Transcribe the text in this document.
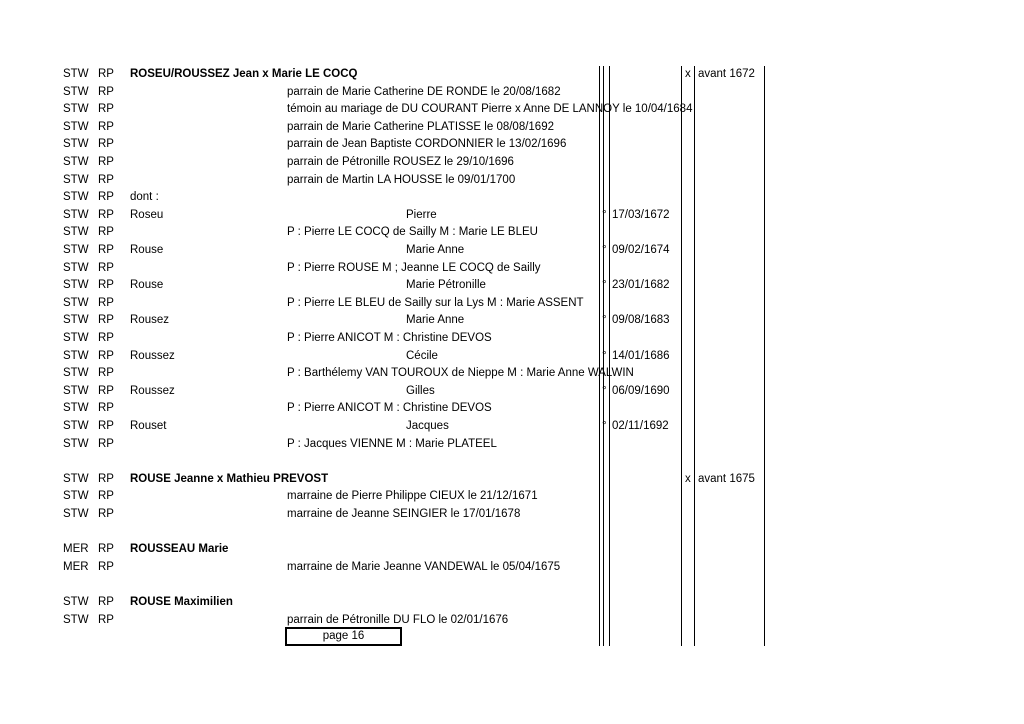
STW RP ROSEU/ROUSSEZ Jean x Marie LE COCQ	x avant 1672
STW RP	parrain de Marie Catherine DE RONDE le 20/08/1682
STW RP	témoin au mariage de DU COURANT Pierre x Anne DE LANNOY le 10/04/1684
STW RP	parrain de Marie Catherine PLATISSE le 08/08/1692
STW RP	parrain de Jean Baptiste CORDONNIER le 13/02/1696
STW RP	parrain de Pétronille ROUSEZ le 29/10/1696
STW RP	parrain de Martin LA HOUSSE le 09/01/1700
STW RP dont :
STW RP Roseu	Pierre	° 17/03/1672
STW RP	P : Pierre LE COCQ de Sailly M : Marie LE BLEU
STW RP Rouse	Marie Anne	° 09/02/1674
STW RP	P : Pierre ROUSE M ; Jeanne LE COCQ de Sailly
STW RP Rouse	Marie Pétronille	° 23/01/1682
STW RP	P : Pierre LE BLEU de Sailly sur la Lys M : Marie ASSENT
STW RP Rousez	Marie Anne	° 09/08/1683
STW RP	P : Pierre ANICOT M : Christine DEVOS
STW RP Roussez	Cécile	° 14/01/1686
STW RP	P : Barthélemy VAN TOUROUX de Nieppe M : Marie Anne WALWIN
STW RP Roussez	Gilles	° 06/09/1690
STW RP	P : Pierre ANICOT M : Christine DEVOS
STW RP Rouset	Jacques	° 02/11/1692
STW RP	P : Jacques VIENNE M : Marie PLATEEL
STW RP ROUSE Jeanne x Mathieu PREVOST	x avant 1675
STW RP	marraine de Pierre Philippe CIEUX le 21/12/1671
STW RP	marraine de Jeanne SEINGIER le 17/01/1678
MER RP ROUSSEAU Marie
MER RP	marraine de Marie Jeanne VANDEWAL le 05/04/1675
STW RP ROUSE Maximilien
STW RP	parrain de Pétronille DU FLO le 02/01/1676
page 16
